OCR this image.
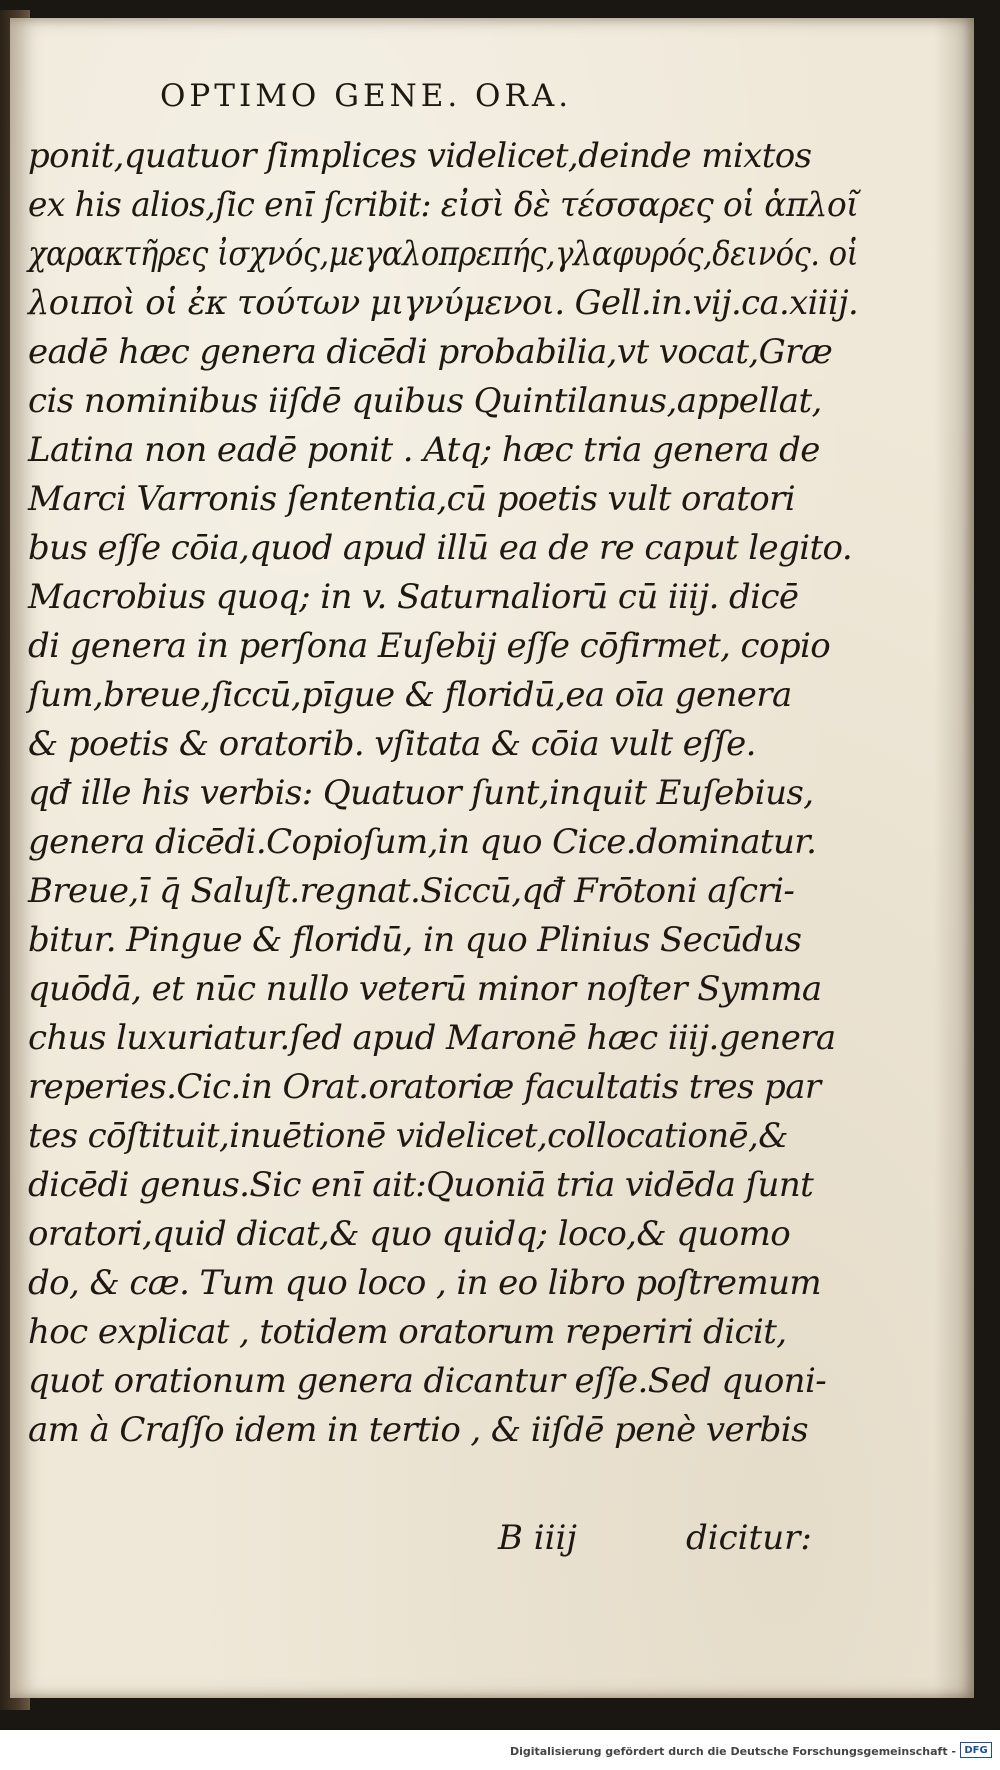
OPTIMO GENE. ORA.
ponit,quatuor ſimplices videlicet,deinde mixtos
ex his alios,ſic enī ſcribit: εἰσὶ δὲ τέσσαρες οἱ ἁπλοῖ
χαρακτῆρες ἰσχνός,μεγαλοπρεπής,γλαφυρός,δεινός. οἱ
λοιποὶ οἱ ἐκ τούτων μιγνύμενοι. Gell.in.vij.ca.xiiij.
eadē hæc genera dicēdi probabilia,vt vocat,Græ
cis nominibus iiſdē quibus Quintilanus,appellat,
Latina non eadē ponit . Atq; hæc tria genera de
Marci Varronis ſententia,cū poetis vult oratori
bus eſſe cōia,quod apud illū ea de re caput legito.
Macrobius quoq; in v. Saturnaliorū cū iiij. dicē
di genera in perſona Euſebij eſſe cōfirmet, copio
ſum,breue,ſiccū,pīgue & floridū,ea oīa genera
& poetis & oratorib. vſitata & cōia vult eſſe.
qđ ille his verbis: Quatuor ſunt,inquit Euſebius,
genera dicēdi.Copioſum,in quo Cice.dominatur.
Breue,ī q̄ Saluſt.regnat.Siccū,qđ Frōtoni aſcri-
bitur. Pingue & floridū, in quo Plinius Secūdus
quōdā, et nūc nullo veterū minor noſter Symma
chus luxuriatur.ſed apud Maronē hæc iiij.genera
reperies.Cic.in Orat.oratoriæ facultatis tres par
tes cōſtituit,inuētionē videlicet,collocationē,&
dicēdi genus.Sic enī ait:Quoniā tria vidēda ſunt
oratori,quid dicat,& quo quidq; loco,& quomo
do, & cæ. Tum quo loco , in eo libro poſtremum
hoc explicat , totidem oratorum reperiri dicit,
quot orationum genera dicantur eſſe.Sed quoni-
am à Craſſo idem in tertio , & iiſdē penè verbis
B iiij	dicitur:
Digitalisierung gefördert durch die Deutsche Forschungsgemeinschaft - DFG
